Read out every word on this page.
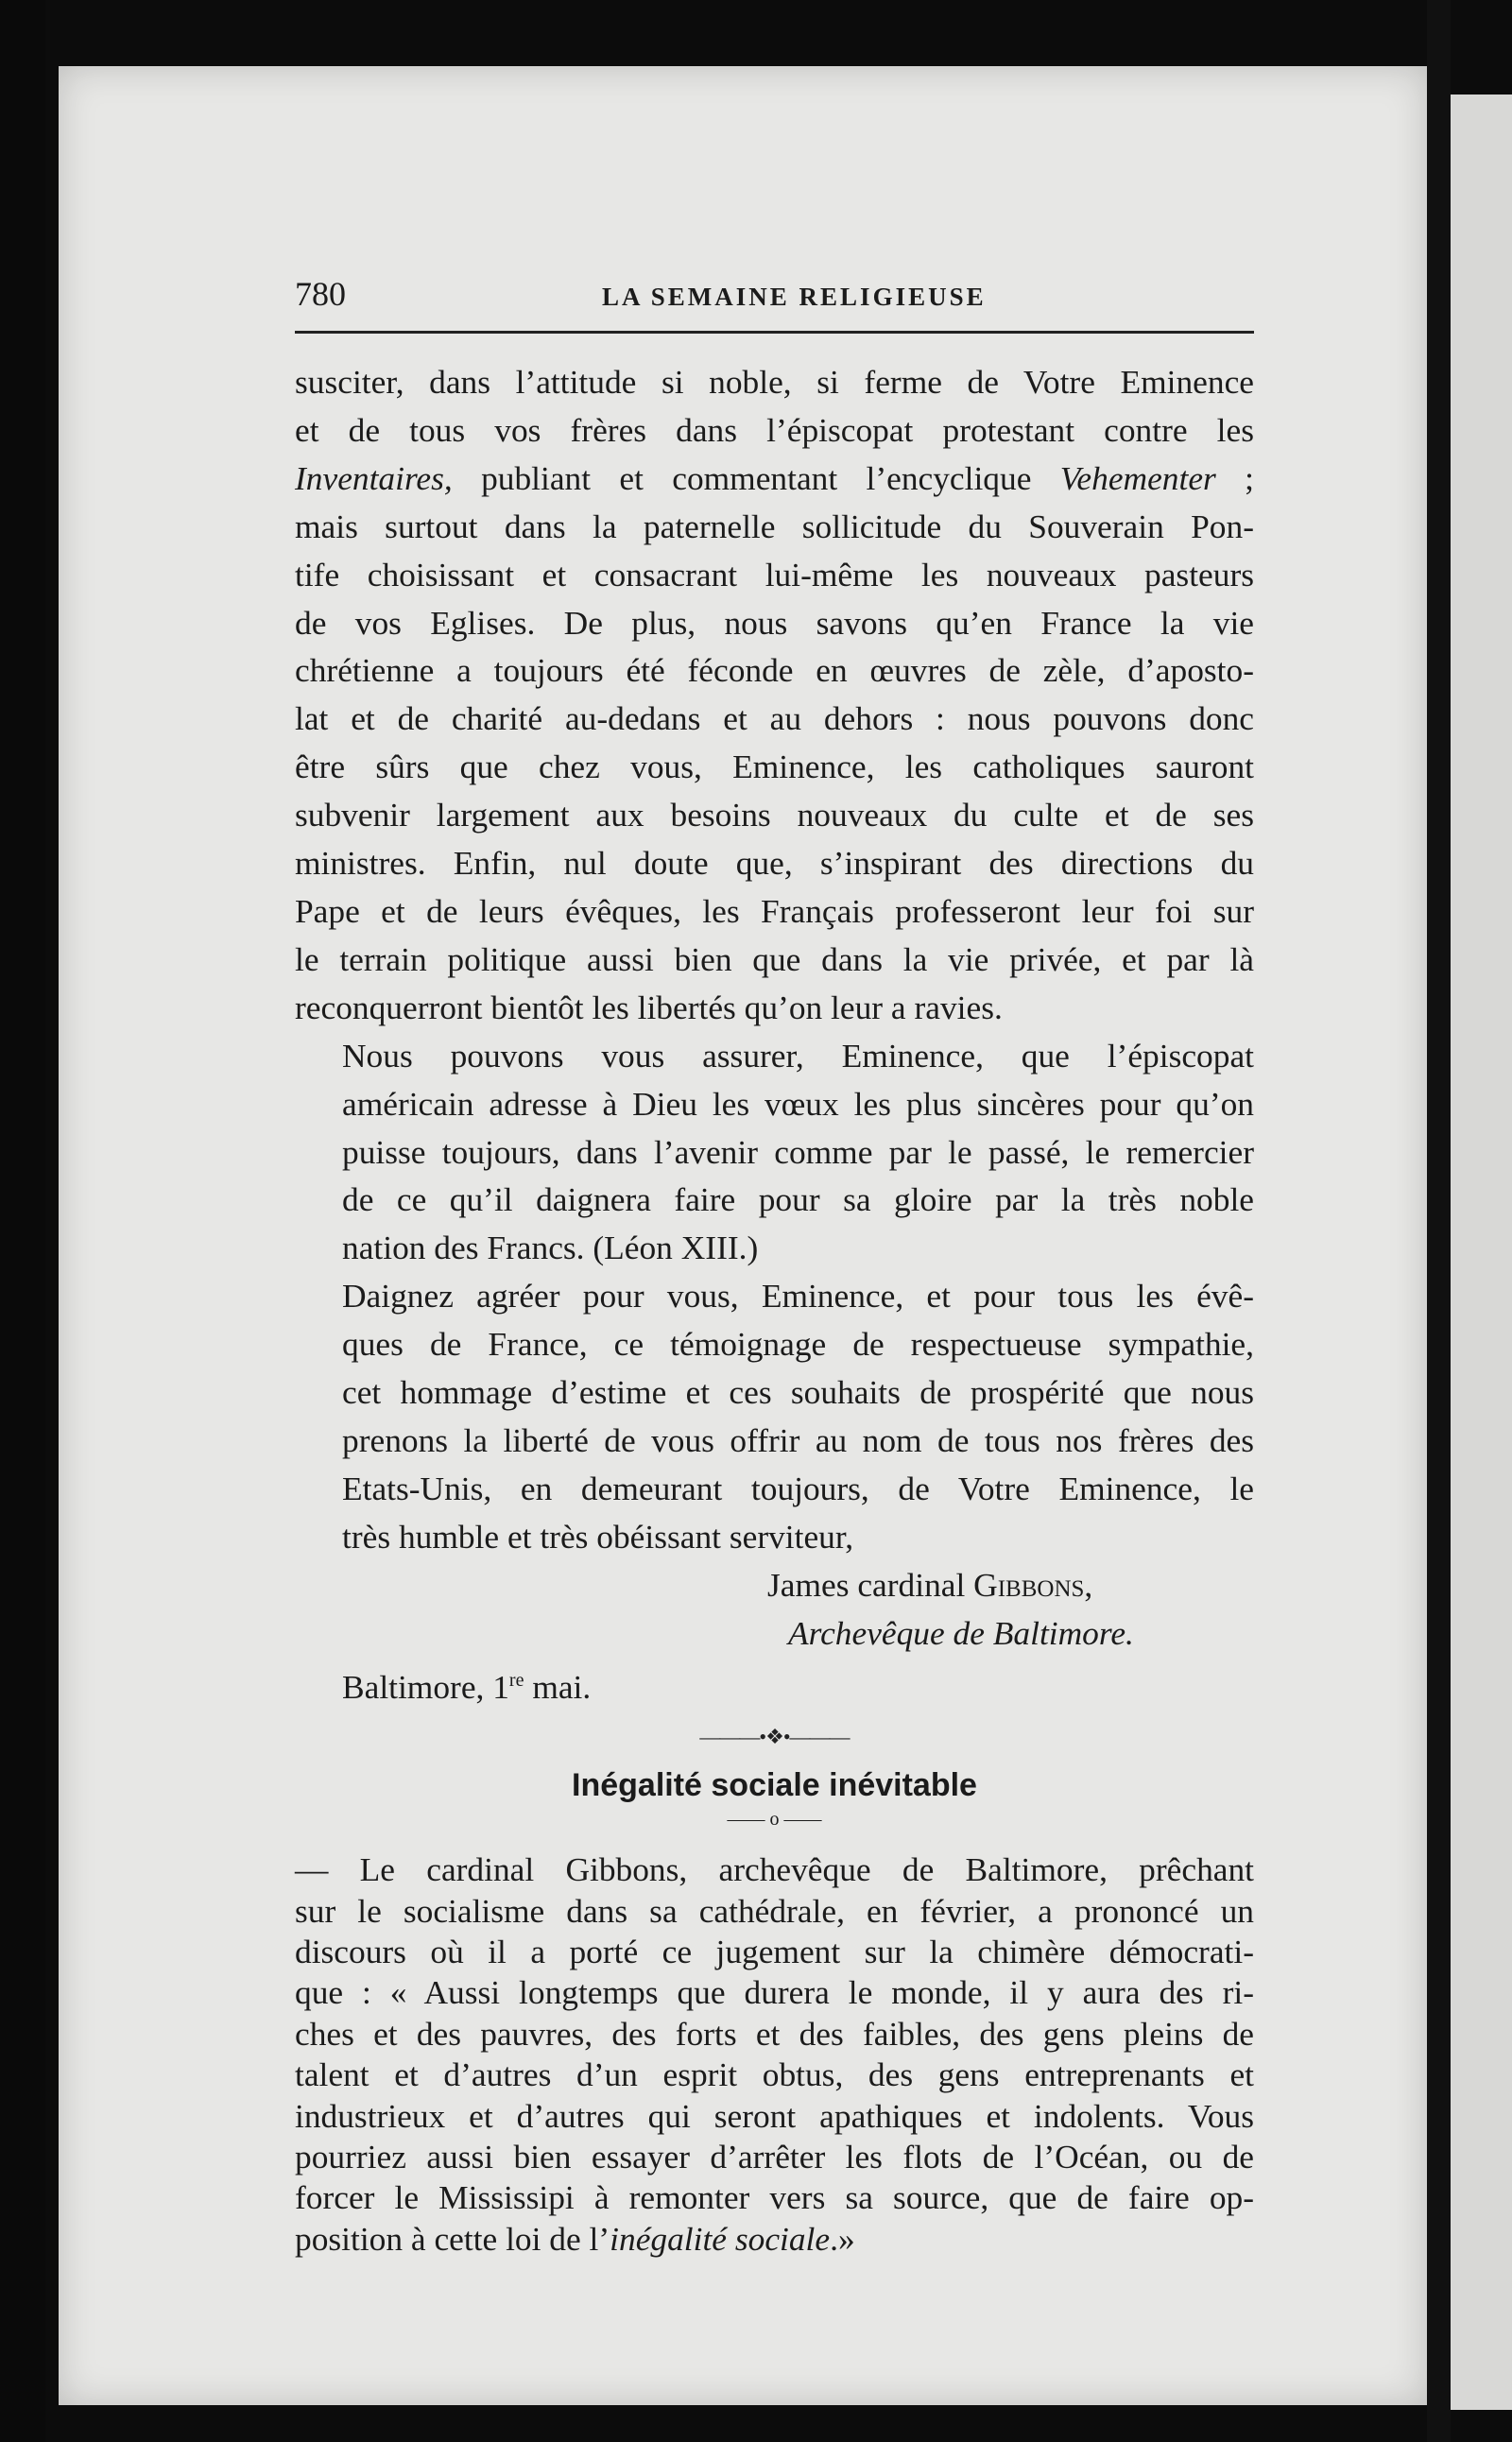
780	LA SEMAINE RELIGIEUSE

susciter, dans l’attitude si noble, si ferme de Votre Eminence
et de tous vos frères dans l’épiscopat protestant contre les
Inventaires, publiant et commentant l’encyclique Vehementer ;
mais surtout dans la paternelle sollicitude du Souverain Pon-
tife choisissant et consacrant lui-même les nouveaux pasteurs
de vos Eglises. De plus, nous savons qu’en France la vie
chrétienne a toujours été féconde en œuvres de zèle, d’aposto-
lat et de charité au-dedans et au dehors : nous pouvons donc
être sûrs que chez vous, Eminence, les catholiques sauront
subvenir largement aux besoins nouveaux du culte et de ses
ministres. Enfin, nul doute que, s’inspirant des directions du
Pape et de leurs évêques, les Français professeront leur foi sur
le terrain politique aussi bien que dans la vie privée, et par là
reconquerront bientôt les libertés qu’on leur a ravies.

Nous pouvons vous assurer, Eminence, que l’épiscopat
américain adresse à Dieu les vœux les plus sincères pour qu’on
puisse toujours, dans l’avenir comme par le passé, le remercier
de ce qu’il daignera faire pour sa gloire par la très noble
nation des Francs. (Léon XIII.)

Daignez agréer pour vous, Eminence, et pour tous les évê-
ques de France, ce témoignage de respectueuse sympathie,
cet hommage d’estime et ces souhaits de prospérité que nous
prenons la liberté de vous offrir au nom de tous nos frères des
Etats-Unis, en demeurant toujours, de Votre Eminence, le
très humble et très obéissant serviteur,

James cardinal Gibbons,
Archevêque de Baltimore.
Baltimore, 1re mai.
———•❖•———
Inégalité sociale inévitable
—— o ——

— Le cardinal Gibbons, archevêque de Baltimore, prêchant
sur le socialisme dans sa cathédrale, en février, a prononcé un
discours où il a porté ce jugement sur la chimère démocrati-
que : « Aussi longtemps que durera le monde, il y aura des ri-
ches et des pauvres, des forts et des faibles, des gens pleins de
talent et d’autres d’un esprit obtus, des gens entreprenants et
industrieux et d’autres qui seront apathiques et indolents. Vous
pourriez aussi bien essayer d’arrêter les flots de l’Océan, ou de
forcer le Mississipi à remonter vers sa source, que de faire op-
position à cette loi de l’inégalité sociale.»
